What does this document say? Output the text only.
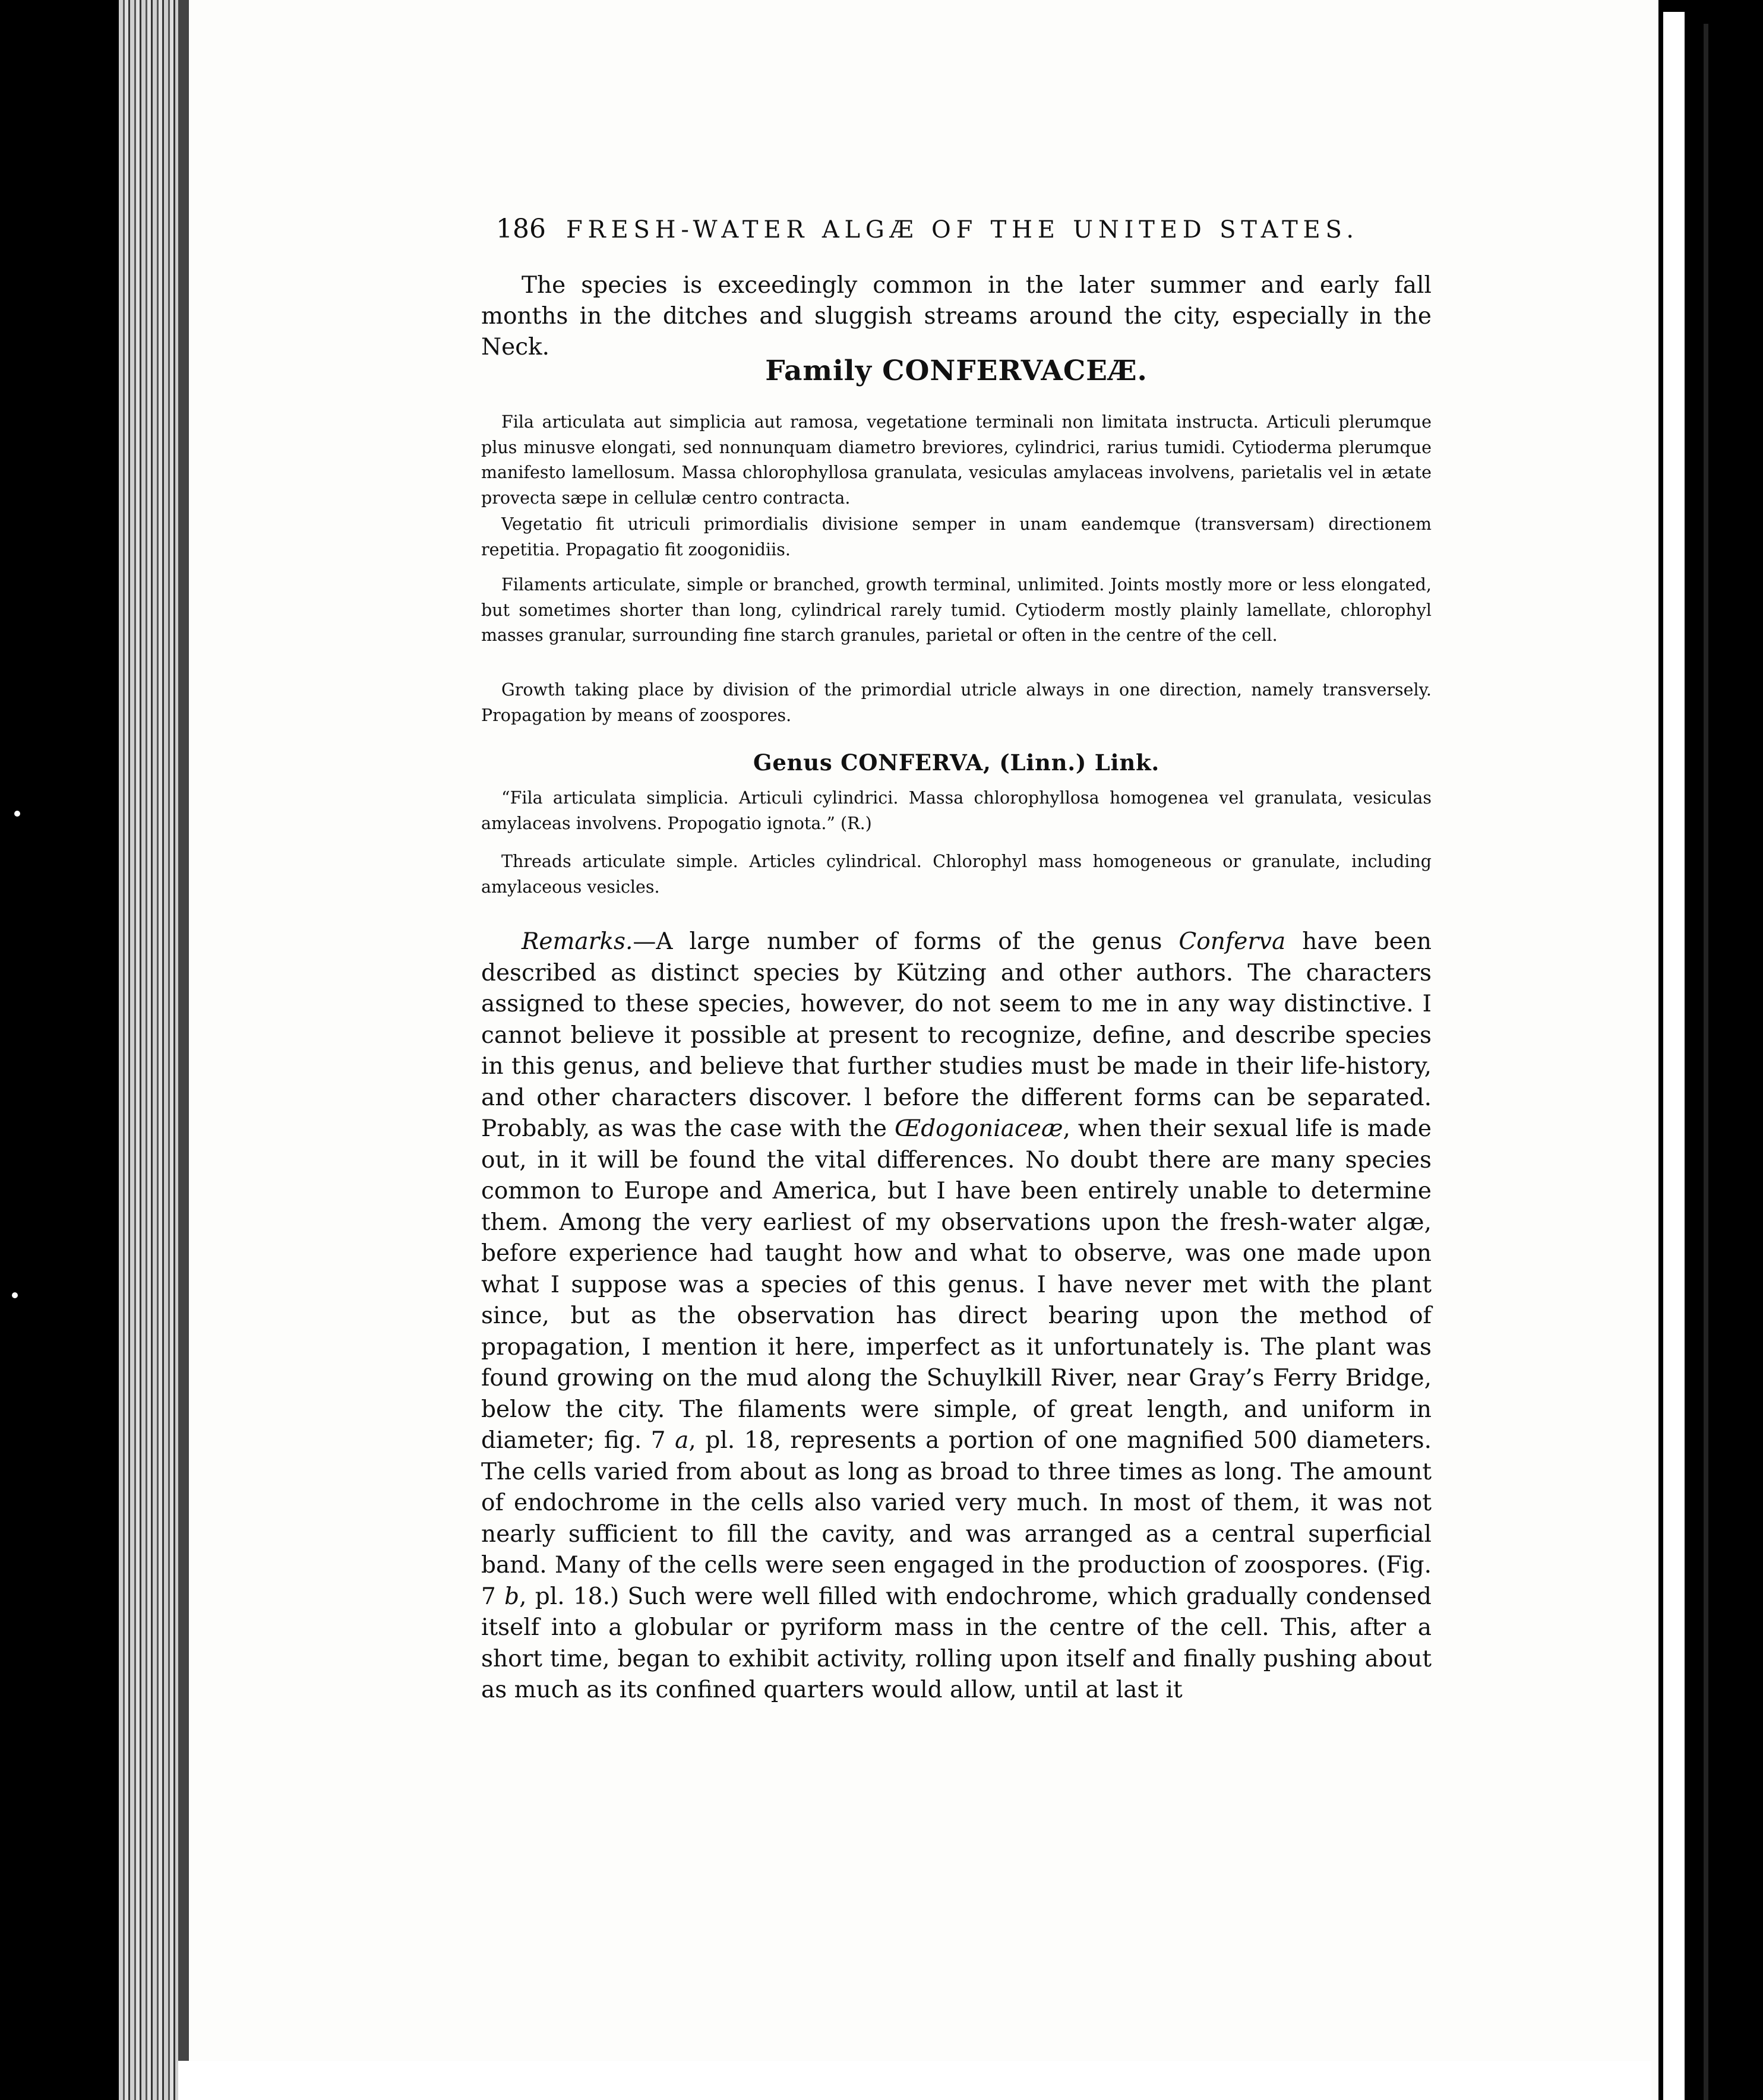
186 FRESH-WATER ALGÆ OF THE UNITED STATES.
The species is exceedingly common in the later summer and early fall months in the ditches and sluggish streams around the city, especially in the Neck.
Family CONFERVACEÆ.

Fila articulata aut simplicia aut ramosa, vegetatione terminali non limitata instructa. Articuli plerumque plus minusve elongati, sed nonnunquam diametro breviores, cylindrici, rarius tumidi. Cytioderma plerumque manifesto lamellosum. Massa chlorophyllosa granulata, vesiculas amylaceas involvens, parietalis vel in ætate provecta sæpe in cellulæ centro contracta.

Vegetatio fit utriculi primordialis divisione semper in unam eandemque (transversam) directionem repetitia. Propagatio fit zoogonidiis.

Filaments articulate, simple or branched, growth terminal, unlimited. Joints mostly more or less elongated, but sometimes shorter than long, cylindrical rarely tumid. Cytioderm mostly plainly lamellate, chlorophyl masses granular, surrounding fine starch granules, parietal or often in the centre of the cell.

Growth taking place by division of the primordial utricle always in one direction, namely transversely. Propagation by means of zoospores.

Genus CONFERVA, (Linn.) Link.

“Fila articulata simplicia. Articuli cylindrici. Massa chlorophyllosa homogenea vel granulata, vesiculas amylaceas involvens. Propogatio ignota.” (R.)

Threads articulate simple. Articles cylindrical. Chlorophyl mass homogeneous or granulate, including amylaceous vesicles.

Remarks.—A large number of forms of the genus Conferva have been described as distinct species by Kützing and other authors. The characters assigned to these species, however, do not seem to me in any way distinctive. I cannot believe it possible at present to recognize, define, and describe species in this genus, and believe that further studies must be made in their life-history, and other characters discover. l before the different forms can be separated. Probably, as was the case with the Œdogoniaceæ, when their sexual life is made out, in it will be found the vital differences. No doubt there are many species common to Europe and America, but I have been entirely unable to determine them. Among the very earliest of my observations upon the fresh-water algæ, before experience had taught how and what to observe, was one made upon what I suppose was a species of this genus. I have never met with the plant since, but as the observation has direct bearing upon the method of propagation, I mention it here, imperfect as it unfortunately is. The plant was found growing on the mud along the Schuylkill River, near Gray’s Ferry Bridge, below the city. The filaments were simple, of great length, and uniform in diameter; fig. 7 a, pl. 18, represents a portion of one magnified 500 diameters. The cells varied from about as long as broad to three times as long. The amount of endochrome in the cells also varied very much. In most of them, it was not nearly sufficient to fill the cavity, and was arranged as a central superficial band. Many of the cells were seen engaged in the production of zoospores. (Fig. 7 b, pl. 18.) Such were well filled with endochrome, which gradually condensed itself into a globular or pyriform mass in the centre of the cell. This, after a short time, began to exhibit activity, rolling upon itself and finally pushing about as much as its confined quarters would allow, until at last it
